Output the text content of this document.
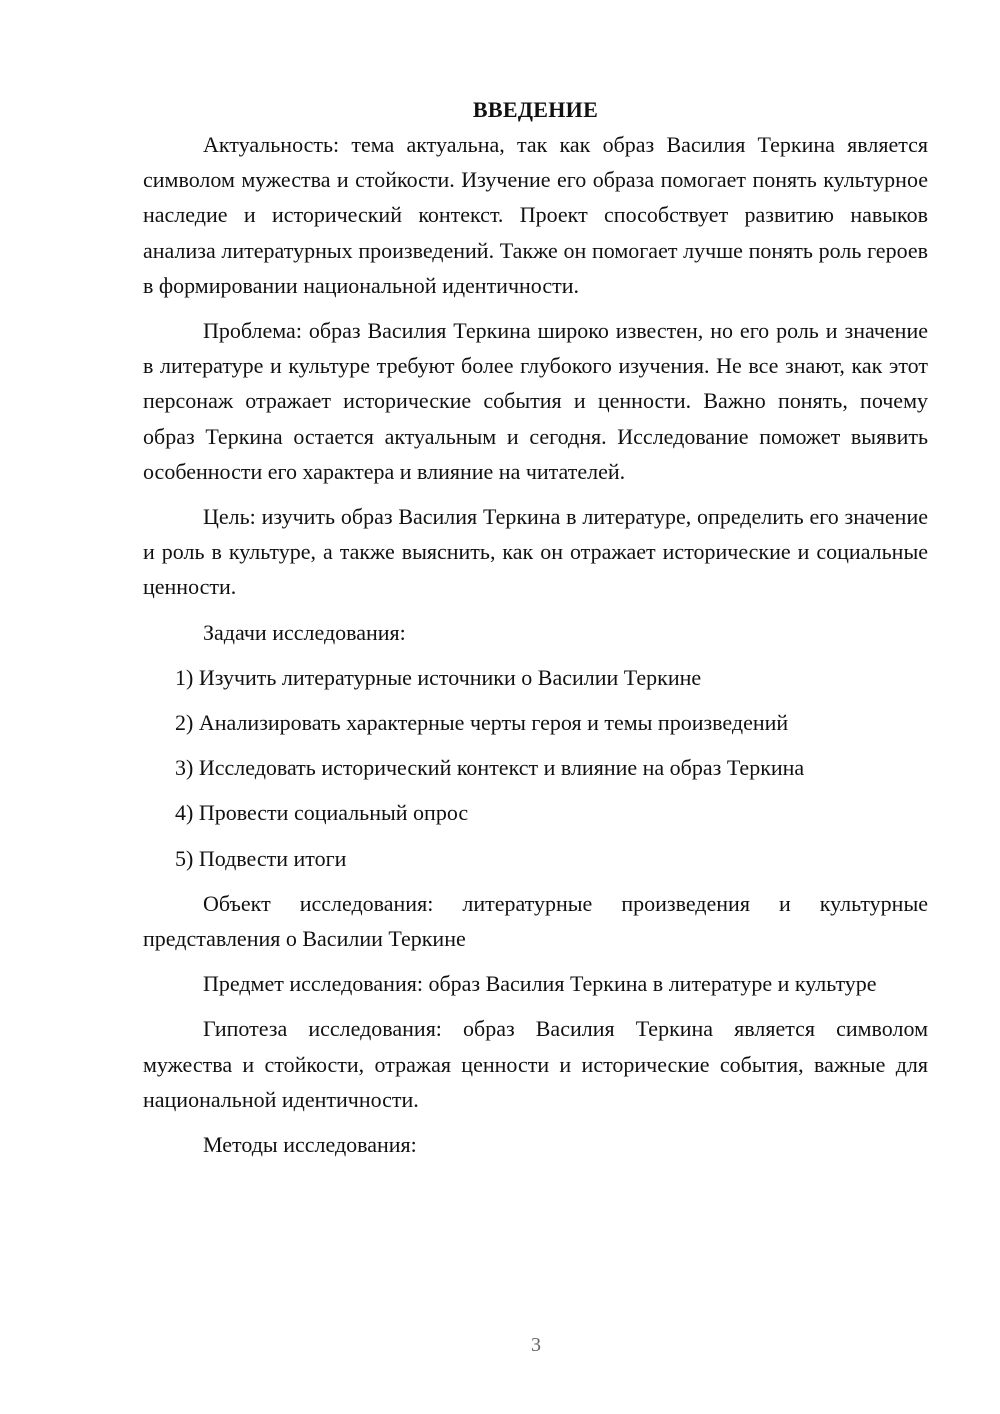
ВВЕДЕНИЕ

Актуальность: тема актуальна, так как образ Василия Теркина является символом мужества и стойкости. Изучение его образа помогает понять культурное наследие и исторический контекст. Проект способствует развитию навыков анализа литературных произведений. Также он помогает лучше понять роль героев в формировании национальной идентичности.

Проблема: образ Василия Теркина широко известен, но его роль и значение в литературе и культуре требуют более глубокого изучения. Не все знают, как этот персонаж отражает исторические события и ценности. Важно понять, почему образ Теркина остается актуальным и сегодня. Исследование поможет выявить особенности его характера и влияние на читателей.

Цель: изучить образ Василия Теркина в литературе, определить его значение и роль в культуре, а также выяснить, как он отражает исторические и социальные ценности.

Задачи исследования:

1) Изучить литературные источники о Василии Теркине
2) Анализировать характерные черты героя и темы произведений
3) Исследовать исторический контекст и влияние на образ Теркина
4) Провести социальный опрос
5) Подвести итоги

Объект исследования: литературные произведения и культурные представления о Василии Теркине

Предмет исследования: образ Василия Теркина в литературе и культуре

Гипотеза исследования: образ Василия Теркина является символом мужества и стойкости, отражая ценности и исторические события, важные для национальной идентичности.

Методы исследования:

3
